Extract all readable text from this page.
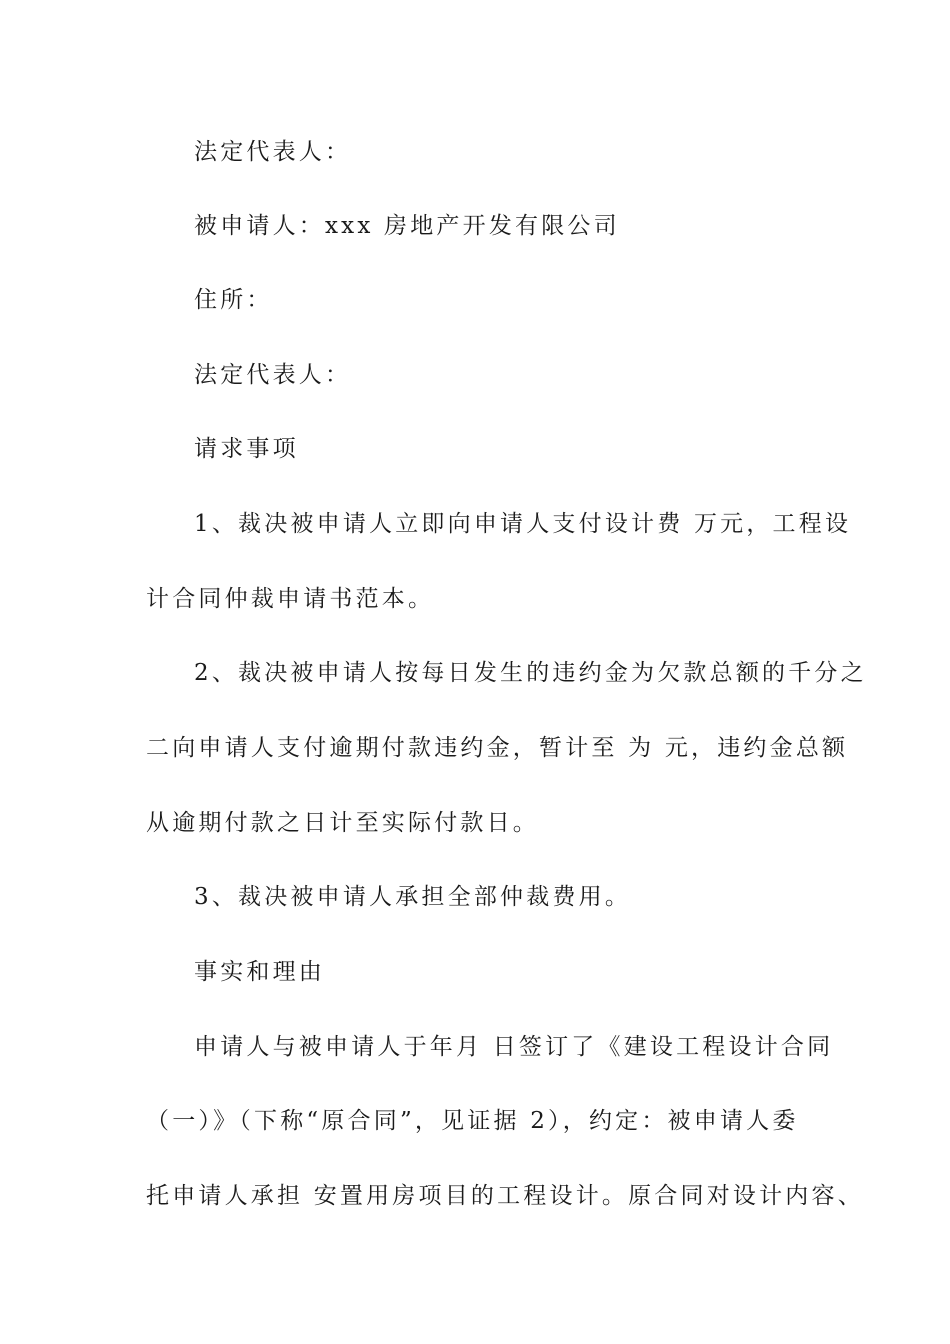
法定代表人：
被申请人：xxx 房地产开发有限公司
住所：
法定代表人：
请求事项
1、裁决被申请人立即向申请人支付设计费 万元，工程设
计合同仲裁申请书范本。
2、裁决被申请人按每日发生的违约金为欠款总额的千分之
二向申请人支付逾期付款违约金，暂计至 为 元，违约金总额
从逾期付款之日计至实际付款日。
3、裁决被申请人承担全部仲裁费用。
事实和理由
申请人与被申请人于年月 日签订了《建设工程设计合同
（一）》（下称“原合同”，见证据 2），约定：被申请人委
托申请人承担 安置用房项目的工程设计。原合同对设计内容、
